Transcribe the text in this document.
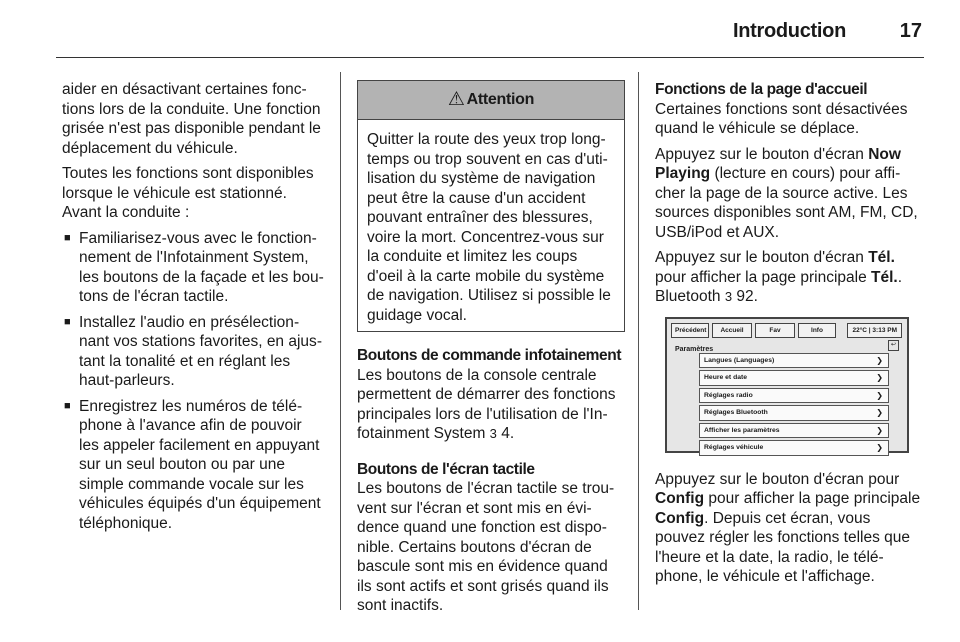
Introduction	17

aider en désactivant certaines fonctions lors de la conduite. Une fonction grisée n'est pas disponible pendant le déplacement du véhicule.

Toutes les fonctions sont disponibles lorsque le véhicule est stationné. Avant la conduite :

■ Familiarisez-vous avec le fonctionnement de l'Infotainment System, les boutons de la façade et les boutons de l'écran tactile.
■ Installez l'audio en présélectionnant vos stations favorites, en ajustant la tonalité et en réglant les haut-parleurs.
■ Enregistrez les numéros de téléphone à l'avance afin de pouvoir les appeler facilement en appuyant sur un seul bouton ou par une simple commande vocale sur les véhicules équipés d'un équipement téléphonique.
⚠ Attention
Quitter la route des yeux trop longtemps ou trop souvent en cas d'utilisation du système de navigation peut être la cause d'un accident pouvant entraîner des blessures, voire la mort. Concentrez-vous sur la conduite et limitez les coups d'oeil à la carte mobile du système de navigation. Utilisez si possible le guidage vocal.
Boutons de commande infotainement

Les boutons de la console centrale permettent de démarrer des fonctions principales lors de l'utilisation de l'Infotainment System 3 4.

Boutons de l'écran tactile

Les boutons de l'écran tactile se trouvent sur l'écran et sont mis en évidence quand une fonction est disponible. Certains boutons d'écran de bascule sont mis en évidence quand ils sont actifs et sont grisés quand ils sont inactifs.

Fonctions de la page d'accueil

Certaines fonctions sont désactivées quand le véhicule se déplace.

Appuyez sur le bouton d'écran Now Playing (lecture en cours) pour afficher la page de la source active. Les sources disponibles sont AM, FM, CD, USB/iPod et AUX.

Appuyez sur le bouton d'écran Tél. pour afficher la page principale Tél.. Bluetooth 3 92.

Précédent	Accueil	Fav	Info	22°C | 3:13 PM
Paramètres
↩
Langues (Languages)	❯
Heure et date	❯
Réglages radio	❯
Réglages Bluetooth	❯
Afficher les paramètres	❯
Réglages véhicule	❯

Appuyez sur le bouton d'écran pour Config pour afficher la page principale Config. Depuis cet écran, vous pouvez régler les fonctions telles que l'heure et la date, la radio, le téléphone, le véhicule et l'affichage.
